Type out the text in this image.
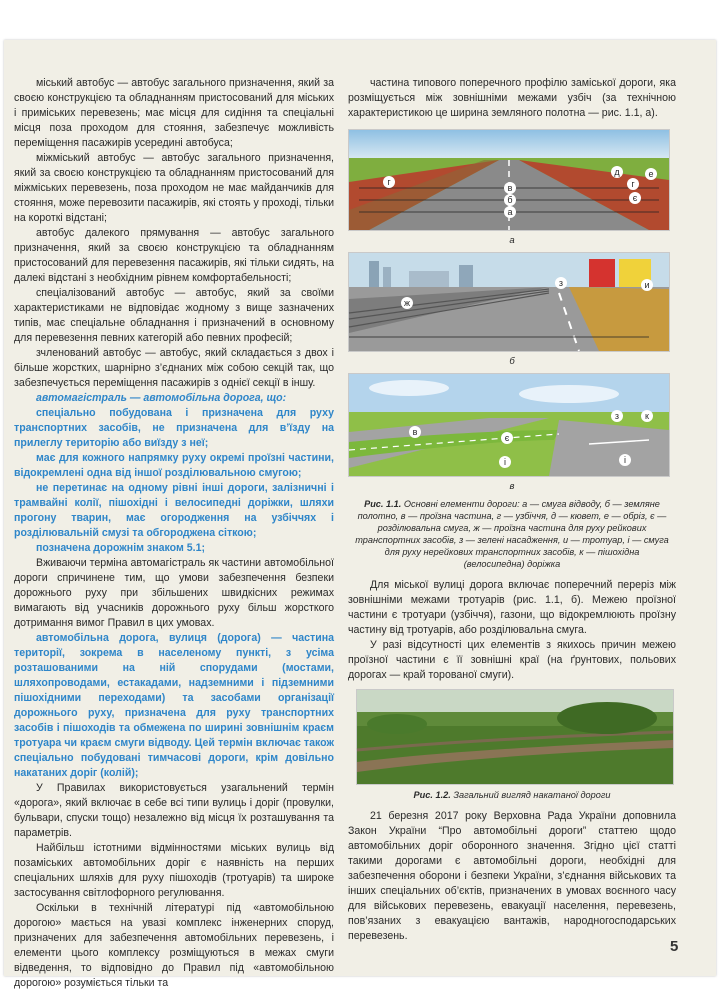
міський автобус — автобус загального призначення, який за своєю конструкцією та обладнанням пристосований для міських і приміських перевезень; має місця для сидіння та спеціальні місця поза проходом для стояння, забезпечує можливість переміщення пасажирів усередині автобуса;

міжміський автобус — автобус загального призначення, який за своєю конструкцією та обладнанням пристосований для міжміських перевезень, поза проходом не має майданчиків для стояння, може перевозити пасажирів, які стоять у проході, тільки на короткі відстані;

автобус далекого прямування — автобус загального призначення, який за своєю конструкцією та обладнанням пристосований для перевезення пасажирів, які тільки сидять, на далекі відстані з необхідним рівнем комфортабельності;

спеціалізований автобус — автобус, який за своїми характеристиками не відповідає жодному з вище зазначених типів, має спеціальне обладнання і призначений в основному для перевезення певних категорій або певних професій;

зчленований автобус — автобус, який складається з двох і більше жорстких, шарнірно з’єднаних між собою секцій так, що забезпечується переміщення пасажирів з однієї секції в іншу.

автомагістраль — автомобільна дорога, що:

спеціально побудована і призначена для руху транспортних засобів, не призначена для в’їзду на прилеглу територію або виїзду з неї;

має для кожного напрямку руху окремі проїзні частини, відокремлені одна від іншої розділювальною смугою;

не перетинає на одному рівні інші дороги, залізничні і трамвайні колії, пішохідні і велосипедні доріжки, шляхи прогону тварин, має огородження на узбіччях і розділювальній смузі та обгороджена сіткою;

позначена дорожнім знаком 5.1;

Вживаючи терміна автомагістраль як частини автомобільної дороги спричинене тим, що умови забезпечення безпеки дорожнього руху при збільшених швидкісних режимах вимагають від учасників дорожнього руху більш жорсткого дотримання вимог Правил в цих умовах.

автомобільна дорога, вулиця (дорога) — частина території, зокрема в населеному пункті, з усіма розташованими на ній спорудами (мостами, шляхопроводами, естакадами, надземними і підземними пішохідними переходами) та засобами організації дорожнього руху, призначена для руху транспортних засобів і пішоходів та обмежена по ширині зовнішнім краєм тротуара чи краєм смуги відводу. Цей термін включає також спеціально побудовані тимчасові дороги, крім довільно накатаних доріг (колій);

У Правилах використовується узагальнений термін «дорога», який включає в себе всі типи вулиць і доріг (провулки, бульвари, спуски тощо) незалежно від місця їх розташування та параметрів.

Найбільш істотними відмінностями міських вулиць від позаміських автомобільних доріг є наявність на перших спеціальних шляхів для руху пішоходів (тротуарів) та широке застосування світлофорного регулювання.

Оскільки в технічній літературі під «автомобільною дорогою» мається на увазі комплекс інженерних споруд, призначених для забезпечення автомобільних перевезень, і елементи цього комплексу розміщуються в межах смуги відведення, то відповідно до Правил під «автомобільною дорогою» розуміється тільки та

частина типового поперечного профілю заміської дороги, яка розміщується між зовнішніми межами узбіч (за технічною характеристикою це ширина земляного полотна — рис. 1.1, а).

г	г
в
б
а
д	е
є
а
ж
з	и
б
в
є
з	к
і	і
в
Рис. 1.1. Основні елементи дороги: а — смуга відводу, б — земляне полотно, в — проїзна частина, г — узбіччя, д — кювет, е — обріз, є — розділювальна смуга, ж — проїзна частина для руху рейкових транспортних засобів, з — зелені насадження, и — тротуар, і — смуга для руху нерейкових транспортних засобів, к — пішохідна (велосипедна) доріжка

Для міської вулиці дорога включає поперечний переріз між зовнішніми межами тротуарів (рис. 1.1, б). Межею проїзної частини є тротуари (узбіччя), газони, що відокремлюють проїзну частину від тротуарів, або розділювальна смуга.

У разі відсутності цих елементів з якихось причин межею проїзної частини є її зовнішні краї (на ґрунтових, польових дорогах — край торованої смуги).

Рис. 1.2. Загальний вигляд накатаної дороги

21 березня 2017 року Верховна Рада України доповнила Закон України “Про автомобільні дороги” статтею щодо автомобільних доріг оборонного значення. Згідно цієї статті такими дорогами є автомобільні дороги, необхідні для забезпечення оборони і безпеки України, з’єднання військових та інших спеціальних об’єктів, призначених в умовах воєнного часу для військових перевезень, евакуації населення, перевезень, пов’язаних з евакуацією вантажів, народногосподарських перевезень.

5
